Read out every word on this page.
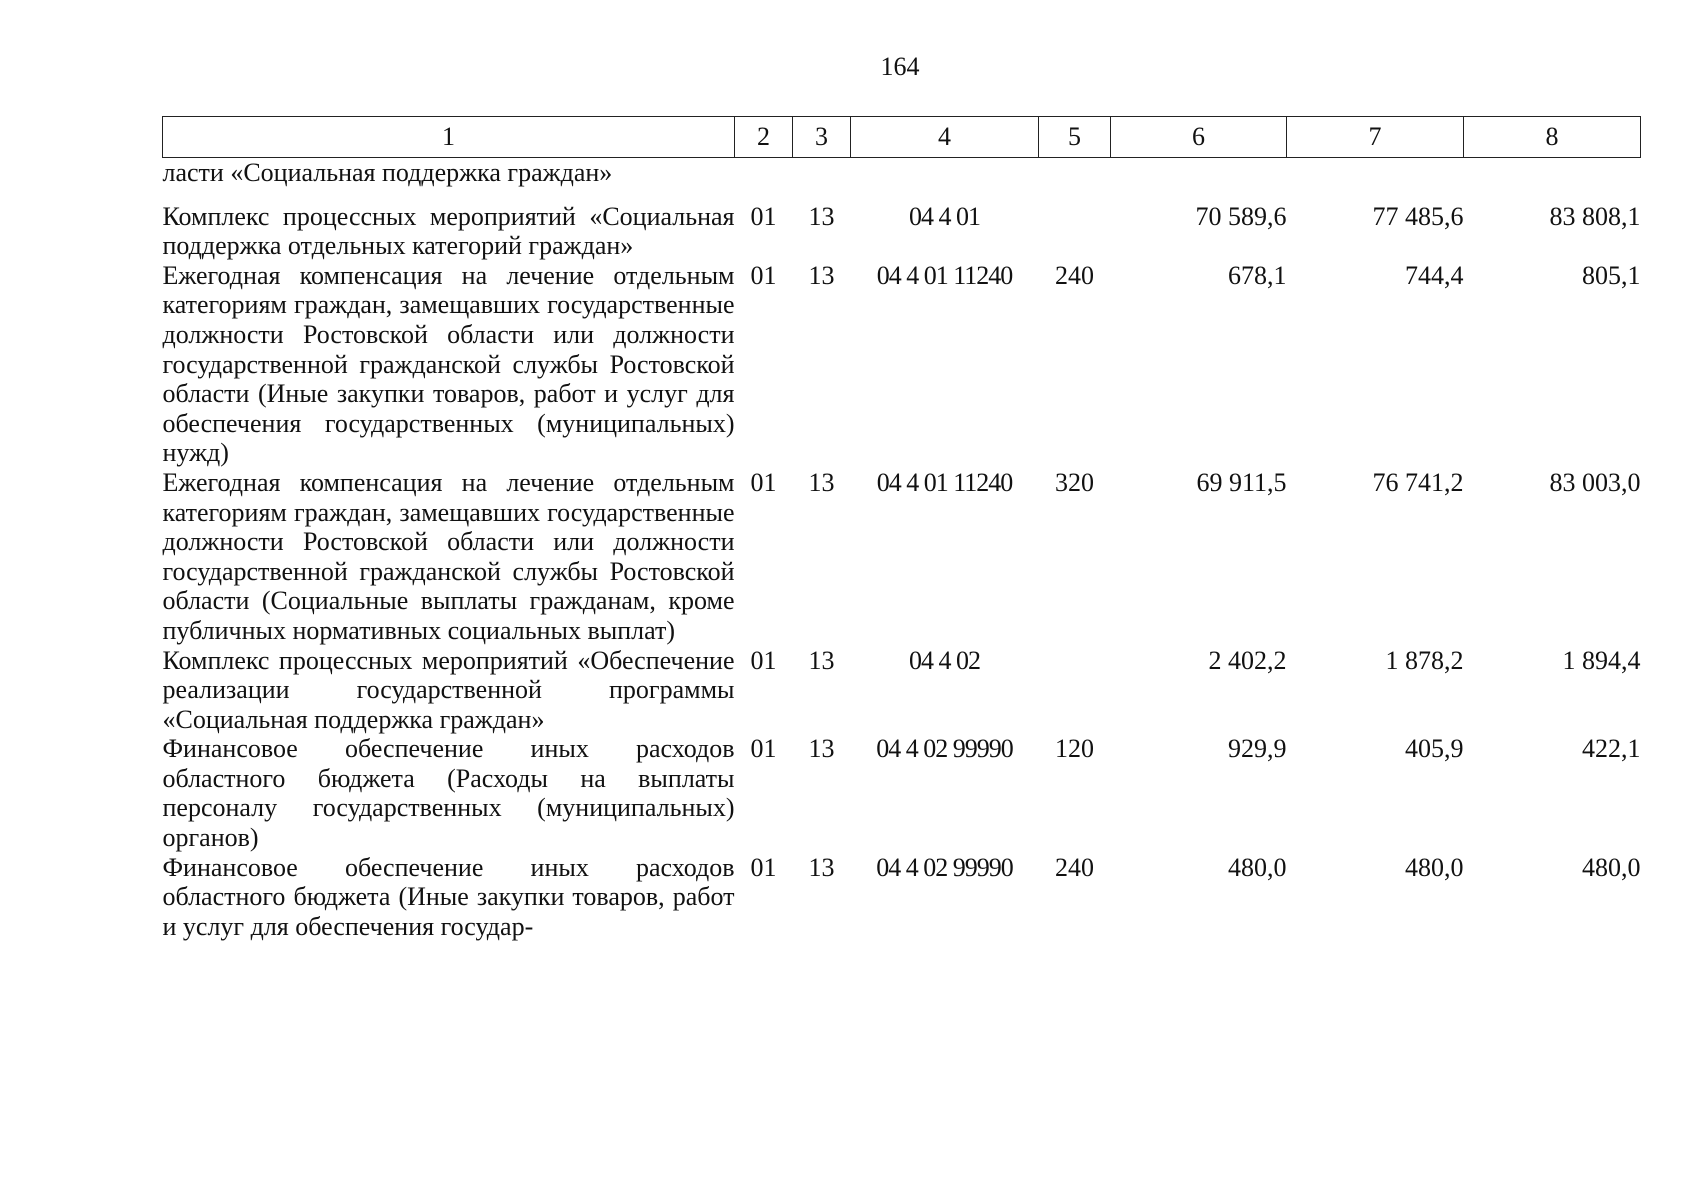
164
1	2	3	4	5	6	7	8
ласти «Социальная поддержка граждан»							
Комплекс процессных мероприятий «Социальная поддержка отдельных категорий граждан»	01	13	04 4 01		70 589,6	77 485,6	83 808,1
Ежегодная компенсация на лечение отдельным категориям граждан, замещавших государственные должности Ростовской области или должности государственной гражданской службы Ростовской области (Иные закупки товаров, работ и услуг для обеспечения государственных (муниципальных) нужд)	01	13	04 4 01 11240	240	678,1	744,4	805,1
Ежегодная компенсация на лечение отдельным категориям граждан, замещавших государственные должности Ростовской области или должности государственной гражданской службы Ростовской области (Социальные выплаты гражданам, кроме публичных нормативных социальных выплат)	01	13	04 4 01 11240	320	69 911,5	76 741,2	83 003,0
Комплекс процессных мероприятий «Обеспечение реализации государственной программы «Социальная поддержка граждан»	01	13	04 4 02		2 402,2	1 878,2	1 894,4
Финансовое обеспечение иных расходов областного бюджета (Расходы на выплаты персоналу государственных (муниципальных) органов)	01	13	04 4 02 99990	120	929,9	405,9	422,1
Финансовое обеспечение иных расходов областного бюджета (Иные закупки товаров, работ и услуг для обеспечения государ-	01	13	04 4 02 99990	240	480,0	480,0	480,0
